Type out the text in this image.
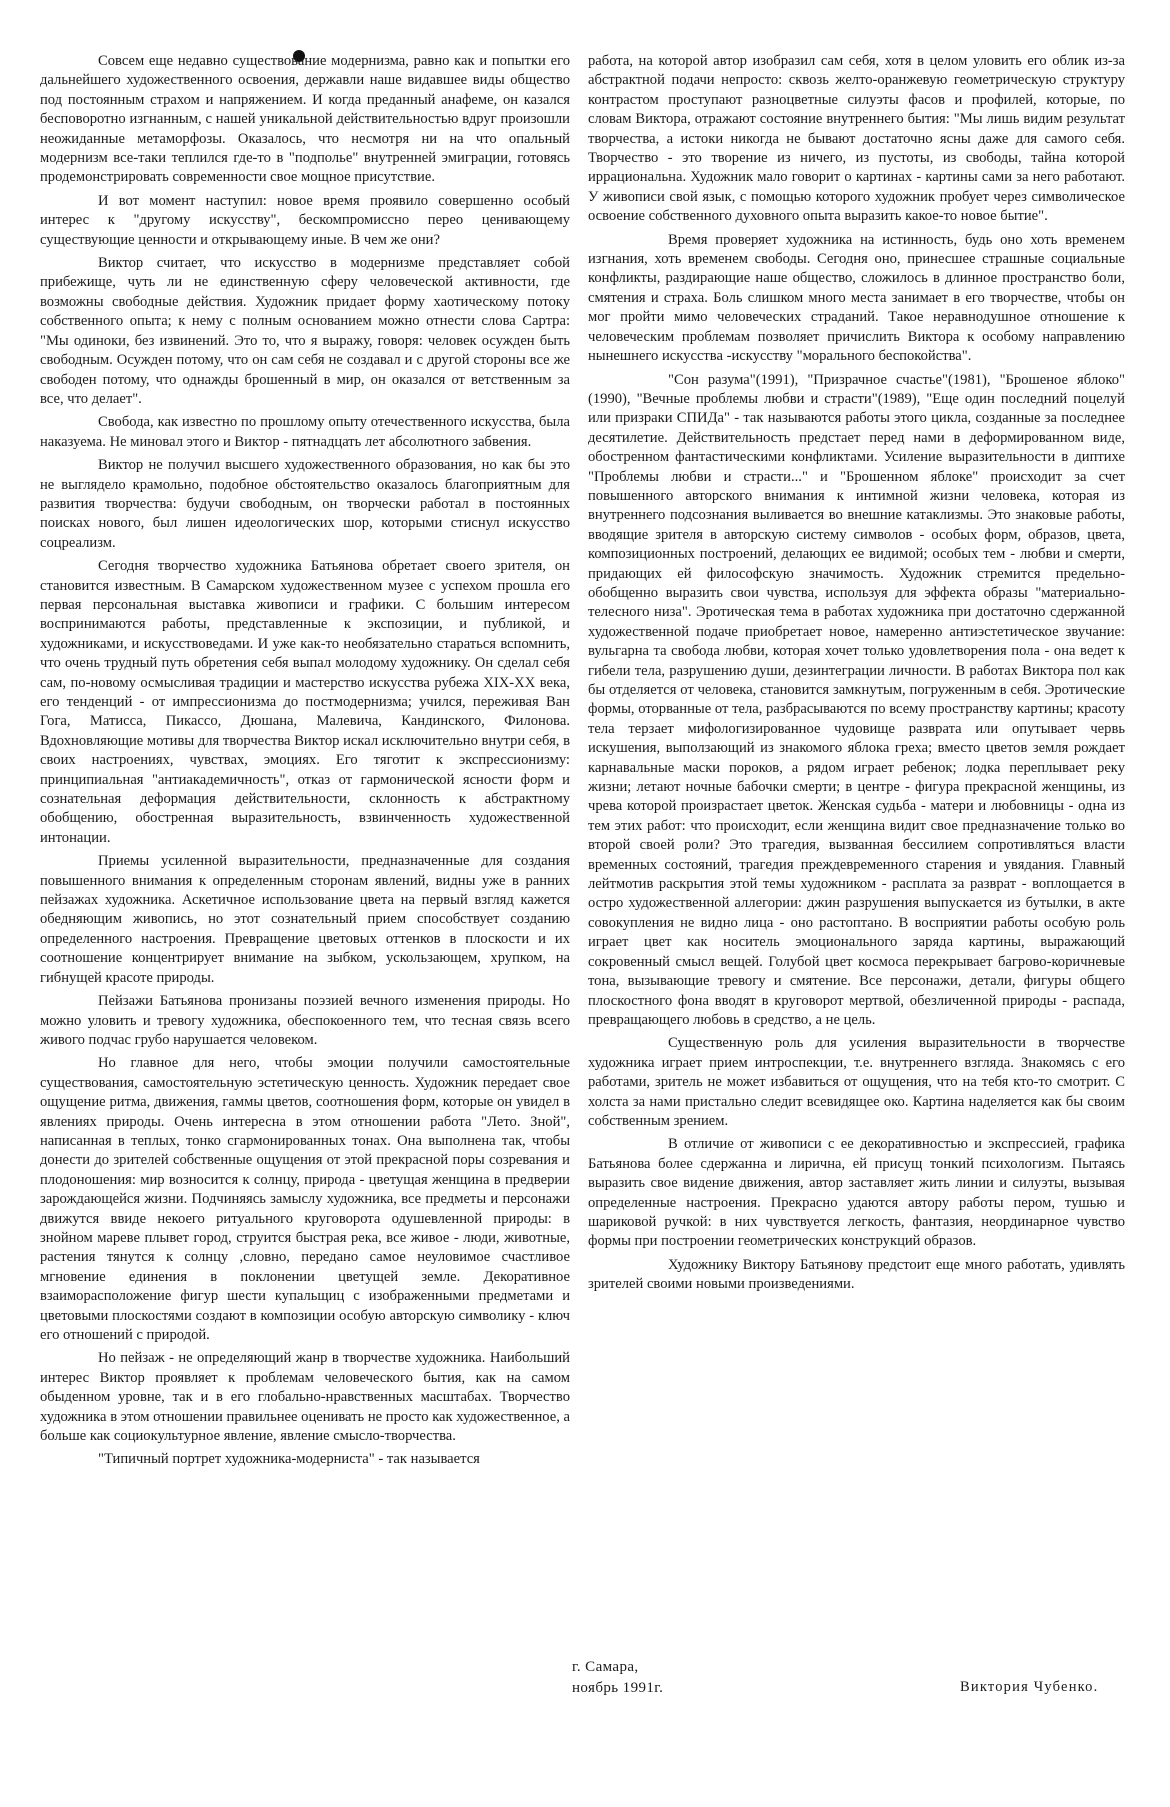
Совсем еще недавно существование модернизма, равно как и попытки его дальнейшего художественного освоения, державли наше видавшее виды общество под постоянным страхом и напряжением. И когда преданный анафеме, он казался бесповоротно изгнанным, с нашей уникальной действительностью вдруг произошли неожиданные метаморфозы. Оказалось, что несмотря ни на что опальный модернизм все-таки теплился где-то в "подполье" внутренней эмиграции, готовясь продемонстрировать современности свое мощное присутствие.

И вот момент наступил: новое время проявило совершенно особый интерес к "другому искусству", бескомпромиссно перео ценивающему существующие ценности и открывающему иные. В чем же они?

Виктор считает, что искусство в модернизме представляет собой прибежище, чуть ли не единственную сферу человеческой активности, где возможны свободные действия. Художник придает форму хаотическому потоку собственного опыта; к нему с полным основанием можно отнести слова Сартра: "Мы одиноки, без извинений. Это то, что я выражу, говоря: человек осужден быть свободным. Осужден потому, что он сам себя не создавал и с другой стороны все же свободен потому, что однажды брошенный в мир, он оказался от ветственным за все, что делает".

Свобода, как известно по прошлому опыту отечественного искусства, была наказуема. Не миновал этого и Виктор - пятнадцать лет абсолютного забвения.

Виктор не получил высшего художественного образования, но как бы это не выглядело крамольно, подобное обстоятельство оказалось благоприятным для развития творчества: будучи свободным, он творчески работал в постоянных поисках нового, был лишен идеологических шор, которыми стиснул искусство соцреализм.

Сегодня творчество художника Батьянова обретает своего зрителя, он становится известным. В Самарском художественном музее с успехом прошла его первая персональная выставка живописи и графики. С большим интересом воспринимаются работы, представленные к экспозиции, и публикой, и художниками, и искусствоведами. И уже как-то необязательно стараться вспомнить, что очень трудный путь обретения себя выпал молодому художнику. Он сделал себя сам, по-новому осмысливая традиции и мастерство искусства рубежа XIX-XX века, его тенденций - от импрессионизма до постмодернизма; учился, переживая Ван Гога, Матисса, Пикассо, Дюшана, Малевича, Кандинского, Филонова. Вдохновляющие мотивы для творчества Виктор искал исключительно внутри себя, в своих настроениях, чувствах, эмоциях. Его тяготит к экспрессионизму: принципиальная "антиакадемичность", отказ от гармонической ясности форм и сознательная деформация действительности, склонность к абстрактному обобщению, обостренная выразительность, взвинченность художественной интонации.

Приемы усиленной выразительности, предназначенные для создания повышенного внимания к определенным сторонам явлений, видны уже в ранних пейзажах художника. Аскетичное использование цвета на первый взгляд кажется обедняющим живопись, но этот сознательный прием способствует созданию определенного настроения. Превращение цветовых оттенков в плоскости и их соотношение концентрирует внимание на зыбком, ускользающем, хрупком, на гибнущей красоте природы.

Пейзажи Батьянова пронизаны поэзией вечного изменения природы. Но можно уловить и тревогу художника, обеспокоенного тем, что тесная связь всего живого подчас грубо нарушается человеком.

Но главное для него, чтобы эмоции получили самостоятельные существования, самостоятельную эстетическую ценность. Художник передает свое ощущение ритма, движения, гаммы цветов, соотношения форм, которые он увидел в явлениях природы. Очень интересна в этом отношении работа "Лето. Зной", написанная в теплых, тонко сгармонированных тонах. Она выполнена так, чтобы донести до зрителей собственные ощущения от этой прекрасной поры созревания и плодоношения: мир возносится к солнцу, природа - цветущая женщина в предверии зарождающейся жизни. Подчиняясь замыслу художника, все предметы и персонажи движутся ввиде некоего ритуального круговорота одушевленной природы: в знойном мареве плывет город, струится быстрая река, все живое - люди, животные, растения тянутся к солнцу ,словно, передано самое неуловимое счастливое мгновение единения в поклонении цветущей земле. Декоративное взаиморасположение фигур шести купальщиц с изображенными предметами и цветовыми плоскостями создают в композиции особую авторскую символику - ключ его отношений с природой.

Но пейзаж - не определяющий жанр в творчестве художника. Наибольший интерес Виктор проявляет к проблемам человеческого бытия, как на самом обыденном уровне, так и в его глобально-нравственных масштабах. Творчество художника в этом отношении правильнее оценивать не просто как художественное, а больше как социокультурное явление, явление смысло-творчества.

"Типичный портрет художника-модерниста" - так называется

работа, на которой автор изобразил сам себя, хотя в целом уловить его облик из-за абстрактной подачи непросто: сквозь желто-оранжевую геометрическую структуру контрастом проступают разноцветные силуэты фасов и профилей, которые, по словам Виктора, отражают состояние внутреннего бытия: "Мы лишь видим результат творчества, а истоки никогда не бывают достаточно ясны даже для самого себя. Творчество - это творение из ничего, из пустоты, из свободы, тайна которой иррациональна. Художник мало говорит о картинах - картины сами за него работают. У живописи свой язык, с помощью которого художник пробует через символическое освоение собственного духовного опыта выразить какое-то новое бытие".

Время проверяет художника на истинность, будь оно хоть временем изгнания, хоть временем свободы. Сегодня оно, принесшее страшные социальные конфликты, раздирающие наше общество, сложилось в длинное пространство боли, смятения и страха. Боль слишком много места занимает в его творчестве, чтобы он мог пройти мимо человеческих страданий. Такое неравнодушное отношение к человеческим проблемам позволяет причислить Виктора к особому направлению нынешнего искусства -искусству "морального беспокойства".

"Сон разума"(1991), "Призрачное счастье"(1981), "Брошеное яблоко"(1990), "Вечные проблемы любви и страсти"(1989), "Еще один последний поцелуй или призраки СПИДа" - так называются работы этого цикла, созданные за последнее десятилетие. Действительность предстает перед нами в деформированном виде, обостренном фантастическими конфликтами. Усиление выразительности в диптихе "Проблемы любви и страсти..." и "Брошенном яблоке" происходит за счет повышенного авторского внимания к интимной жизни человека, которая из внутреннего подсознания выливается во внешние катаклизмы. Это знаковые работы, вводящие зрителя в авторскую систему символов - особых форм, образов, цвета, композиционных построений, делающих ее видимой; особых тем - любви и смерти, придающих ей философскую значимость. Художник стремится предельно-обобщенно выразить свои чувства, используя для эффекта образы "материально-телесного низа". Эротическая тема в работах художника при достаточно сдержанной художественной подаче приобретает новое, намеренно антиэстетическое звучание: вульгарна та свобода любви, которая хочет только удовлетворения пола - она ведет к гибели тела, разрушению души, дезинтеграции личности. В работах Виктора пол как бы отделяется от человека, становится замкнутым, погруженным в себя. Эротические формы, оторванные от тела, разбрасываются по всему пространству картины; красоту тела терзает мифологизированное чудовище разврата или опутывает червь искушения, выползающий из знакомого яблока греха; вместо цветов земля рождает карнавальные маски пороков, а рядом играет ребенок; лодка переплывает реку жизни; летают ночные бабочки смерти; в центре - фигура прекрасной женщины, из чрева которой произрастает цветок. Женская судьба - матери и любовницы - одна из тем этих работ: что происходит, если женщина видит свое предназначение только во второй своей роли? Это трагедия, вызванная бессилием сопротивляться власти временных состояний, трагедия преждевременного старения и увядания. Главный лейтмотив раскрытия этой темы художником - расплата за разврат - воплощается в остро художественной аллегории: джин разрушения выпускается из бутылки, в акте совокупления не видно лица - оно растоптано. В восприятии работы особую роль играет цвет как носитель эмоционального заряда картины, выражающий сокровенный смысл вещей. Голубой цвет космоса перекрывает багрово-коричневые тона, вызывающие тревогу и смятение. Все персонажи, детали, фигуры общего плоскостного фона вводят в круговорот мертвой, обезличенной природы - распада, превращающего любовь в средство, а не цель.

Существенную роль для усиления выразительности в творчестве художника играет прием интроспекции, т.е. внутреннего взгляда. Знакомясь с его работами, зритель не может избавиться от ощущения, что на тебя кто-то смотрит. С холста за нами пристально следит всевидящее око. Картина наделяется как бы своим собственным зрением.

В отличие от живописи с ее декоративностью и экспрессией, графика Батьянова более сдержанна и лирична, ей присущ тонкий психологизм. Пытаясь выразить свое видение движения, автор заставляет жить линии и силуэты, вызывая определенные настроения. Прекрасно удаются автору работы пером, тушью и шариковой ручкой: в них чувствуется легкость, фантазия, неординарное чувство формы при построении геометрических конструкций образов.

Художнику Виктору Батьянову предстоит еще много работать, удивлять зрителей своими новыми произведениями.

г. Самара,
ноябрь 1991г.	Виктория Чубенко.
